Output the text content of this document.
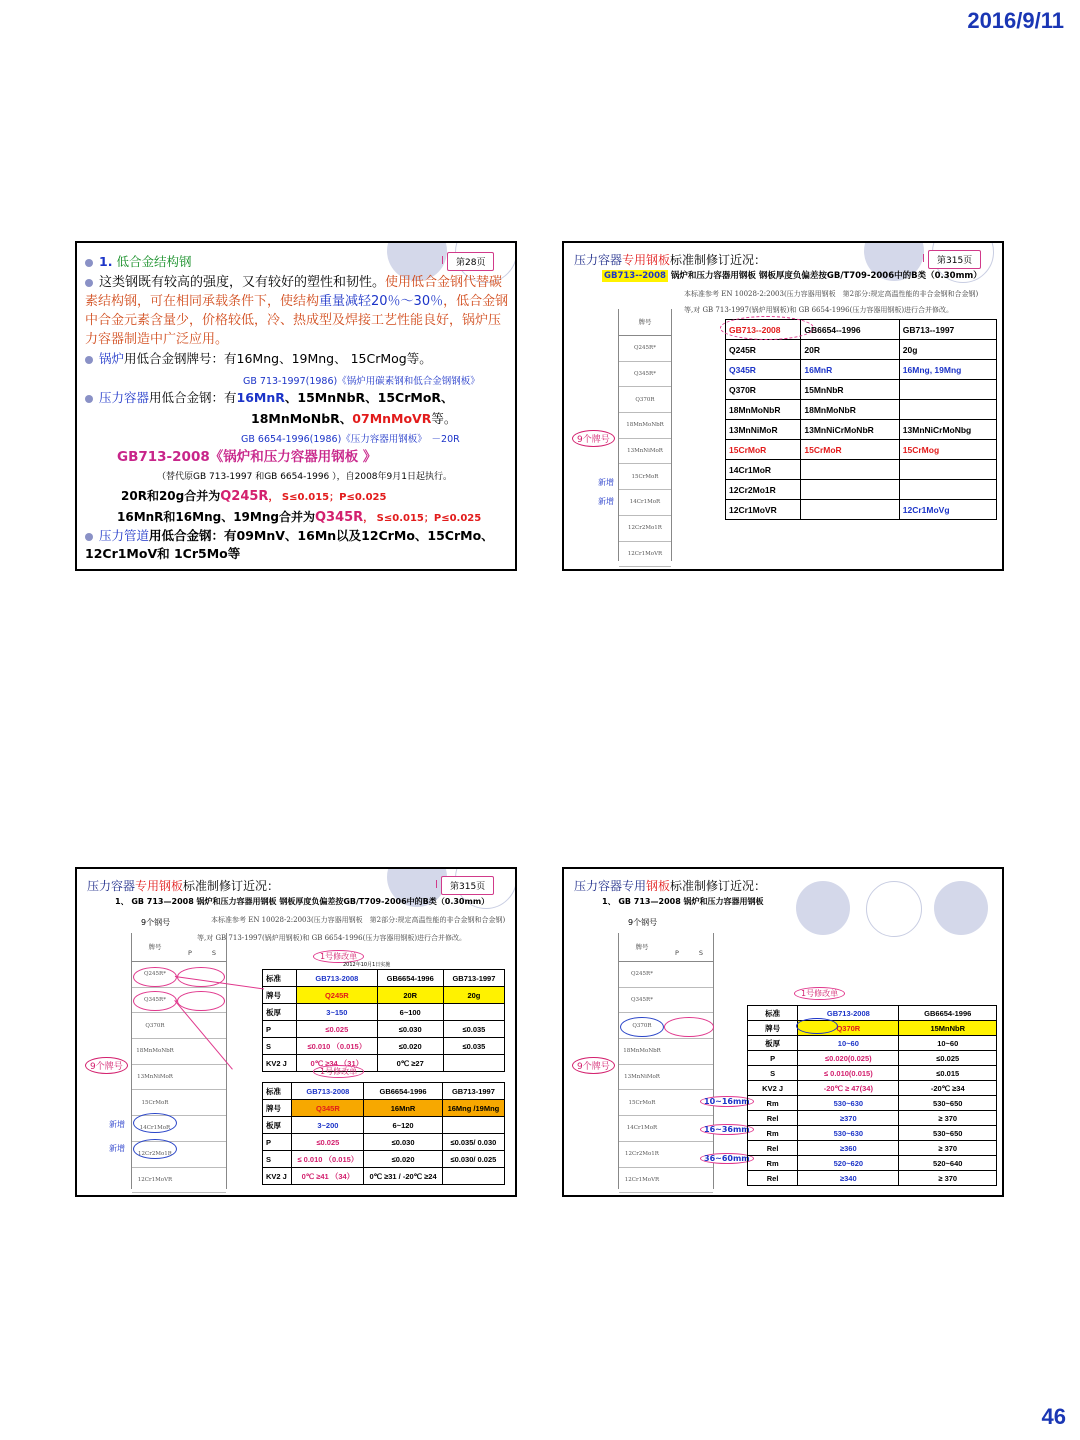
2016/9/11
46
第28页
1. 低合金结构钢
这类钢既有较高的强度，又有较好的塑性和韧性。使用低合金钢代替碳素结构钢，可在相同承载条件下，使结构重量减轻20％～30％，低合金钢中合金元素含量少，价格较低，冷、热成型及焊接工艺性能良好，锅炉压力容器制造中广泛应用。
锅炉用低合金钢牌号：有16Mng、19Mng、 15CrMog等。
GB 713-1997(1986)《锅炉用碳素钢和低合金钢钢板》
压力容器用低合金钢：有16MnR、15MnNbR、15CrMoR、
18MnMoNbR、07MnMoVR等。
GB 6654-1996(1986)《压力容器用钢板》　－20R
GB713-2008《锅炉和压力容器用钢板 》
（替代原GB 713-1997 和GB 6654-1996 ），自2008年9月1日起执行。
20R和20g合并为Q245R， S≤0.015；P≤0.025
16MnR和16Mng、19Mng合并为Q345R， S≤0.015；P≤0.025
压力管道用低合金钢：有09MnV、16Mn以及12CrMo、15CrMo、 12Cr1MoV和 1Cr5Mo等
第315页
压力容器专用钢板标准制修订近况：
GB713--2008 锅炉和压力容器用钢板 钢板厚度负偏差按GB/T709-2006中的B类（0.30mm）
本标准参考 EN 10028-2:2003(压力容器用钢板　第2部分:规定高温性能的非合金钢和合金钢)
等,对 GB 713-1997(锅炉用钢板)和 GB 6654-1996(压力容器用钢板)进行合并修改。
牌号
Q245R*
Q345R*
Q370R
18MnMoNbR
13MnNiMoR
15CrMoR
14Cr1MoR
12Cr2Mo1R
12Cr1MoVR
9个牌号
新增
新增
GB713--2008	GB6654--1996	GB713--1997
Q245R	20R	20g
Q345R	16MnR	16Mng, 19Mng
Q370R	15MnNbR	
18MnMoNbR	18MnMoNbR	
13MnNiMoR	13MnNiCrMoNbR	13MnNiCrMoNbg
15CrMoR	15CrMoR	15CrMog
14Cr1MoR		
12Cr2Mo1R		
12Cr1MoVR		12Cr1MoVg
第315页
压力容器专用钢板标准制修订近况：
1、 GB 713—2008 锅炉和压力容器用钢板 钢板厚度负偏差按GB/T709-2006中的B类（0.30mm）
9个钢号	本标准参考 EN 10028-2:2003(压力容器用钢板　第2部分:规定高温性能的非合金钢和合金钢)
等,对 GB 713-1997(锅炉用钢板)和 GB 6654-1996(压力容器用钢板)进行合并修改。
牌号
P	S
Q245R*
Q345R*
Q370R
18MnMoNbR
13MnNiMoR
15CrMoR
14Cr1MoR
12Cr2Mo1R
12Cr1MoVR
9个牌号
新增
新增
1号修改单
2012年10月1日实施
标准	GB713-2008	GB6654-1996	GB713-1997
牌号	Q245R	20R	20g
板厚	3~150	6~100	
P	≤0.025	≤0.030	≤0.035
S	≤0.010 （0.015）	≤0.020	≤0.035
KV2 J	0℃ ≥34 （31）	0℃ ≥27	
1号修改单
标准	GB713-2008	GB6654-1996	GB713-1997
牌号	Q345R	16MnR	16Mng /19Mng
板厚	3~200	6~120	
P	≤0.025	≤0.030	≤0.035/ 0.030
S	≤ 0.010 （0.015）	≤0.020	≤0.030/ 0.025
KV2 J	0℃ ≥41 （34）	0℃ ≥31 / -20℃ ≥24	
压力容器专用钢板标准制修订近况：
1、 GB 713—2008 锅炉和压力容器用钢板
9个钢号
牌号
P	S
Q245R*
Q345R*
Q370R
18MnMoNbR
13MnNiMoR
15CrMoR
14Cr1MoR
12Cr2Mo1R
12Cr1MoVR
9个牌号
1号修改单
10~16mm
16~36mm
36~60mm
标准	GB713-2008	GB6654-1996
牌号	Q370R	15MnNbR
板厚	10~60	10~60
P	≤0.020(0.025)	≤0.025
S	≤ 0.010(0.015)	≤0.015
KV2 J	-20℃ ≥ 47(34)	-20℃ ≥34
Rm	530~630	530~650
Rel	≥370	≥ 370
Rm	530~630	530~650
Rel	≥360	≥ 370
Rm	520~620	520~640
Rel	≥340	≥ 370
